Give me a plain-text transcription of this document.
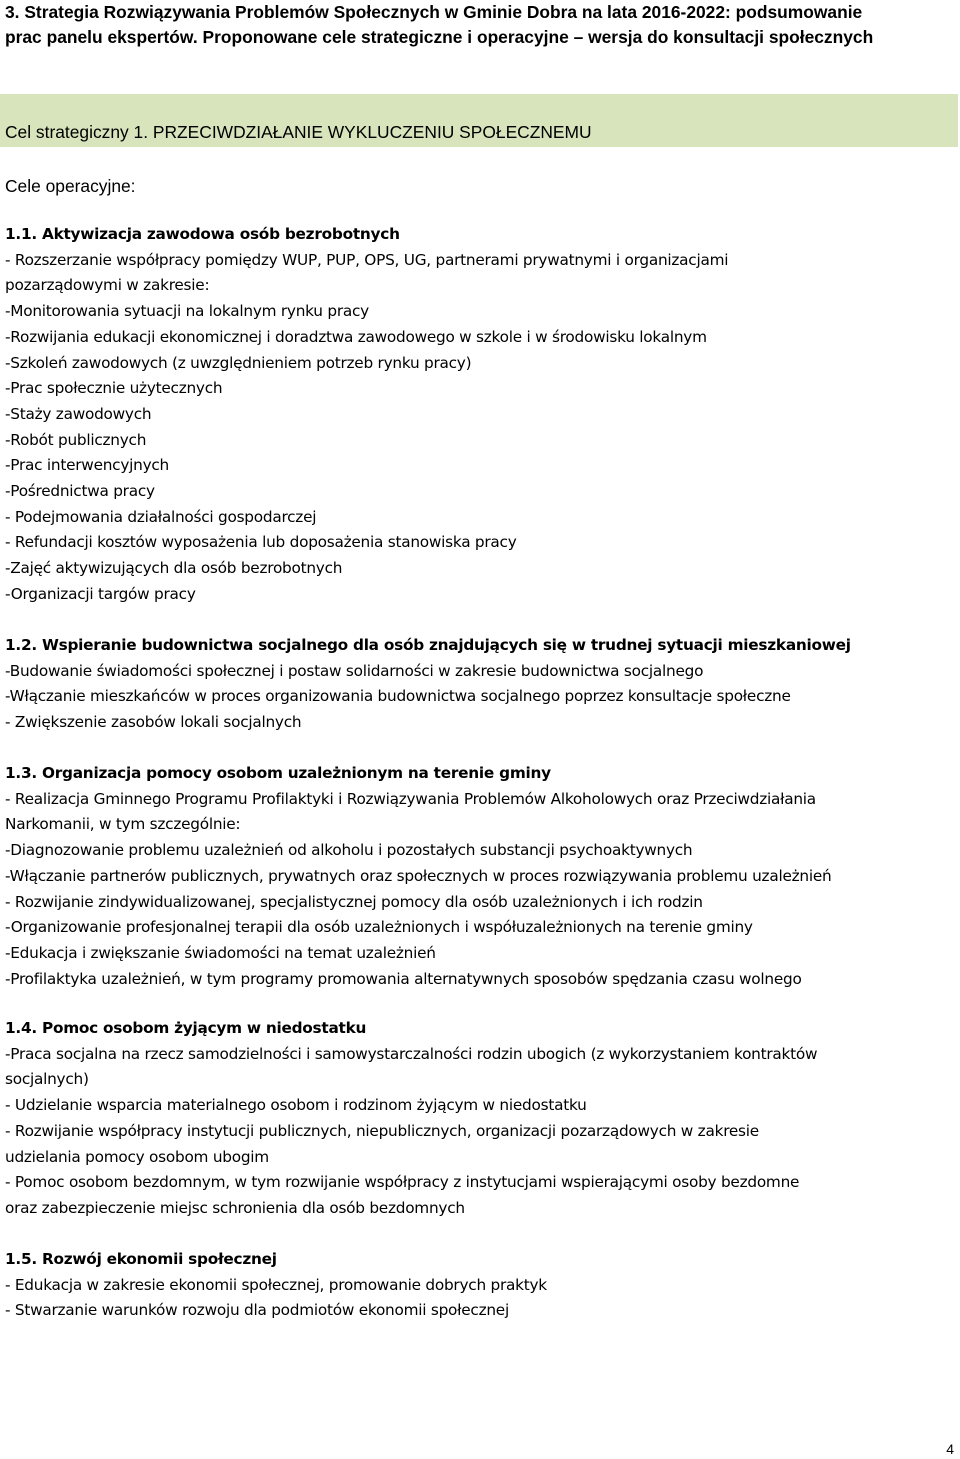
3. Strategia Rozwiązywania Problemów Społecznych w Gminie Dobra na lata 2016-2022: podsumowanie
prac panelu ekspertów. Proponowane cele strategiczne i operacyjne – wersja do konsultacji społecznych
Cel strategiczny 1. PRZECIWDZIAŁANIE WYKLUCZENIU SPOŁECZNEMU
Cele operacyjne:
1.1. Aktywizacja zawodowa osób bezrobotnych
- Rozszerzanie współpracy pomiędzy WUP, PUP, OPS, UG, partnerami prywatnymi i organizacjami
pozarządowymi w zakresie:
-Monitorowania sytuacji na lokalnym rynku pracy
-Rozwijania edukacji ekonomicznej i doradztwa zawodowego w szkole i w środowisku lokalnym
-Szkoleń zawodowych (z uwzględnieniem potrzeb rynku pracy)
-Prac społecznie użytecznych
-Staży zawodowych
-Robót publicznych
-Prac interwencyjnych
-Pośrednictwa pracy
- Podejmowania działalności gospodarczej
- Refundacji kosztów wyposażenia lub doposażenia stanowiska pracy
-Zajęć aktywizujących dla osób bezrobotnych
-Organizacji targów pracy
1.2. Wspieranie budownictwa socjalnego dla osób znajdujących się w trudnej sytuacji mieszkaniowej
-Budowanie świadomości społecznej i postaw solidarności w zakresie budownictwa socjalnego
-Włączanie mieszkańców w proces organizowania budownictwa socjalnego poprzez konsultacje społeczne
- Zwiększenie zasobów lokali socjalnych
1.3. Organizacja pomocy osobom uzależnionym na terenie gminy
- Realizacja Gminnego Programu Profilaktyki i Rozwiązywania Problemów Alkoholowych oraz Przeciwdziałania
Narkomanii, w tym szczególnie:
-Diagnozowanie problemu uzależnień od alkoholu i pozostałych substancji psychoaktywnych
-Włączanie partnerów publicznych, prywatnych oraz społecznych w proces rozwiązywania problemu uzależnień
- Rozwijanie zindywidualizowanej, specjalistycznej pomocy dla osób uzależnionych i ich rodzin
-Organizowanie profesjonalnej terapii dla osób uzależnionych i współuzależnionych na terenie gminy
-Edukacja i zwiększanie świadomości na temat uzależnień
-Profilaktyka uzależnień, w tym programy promowania alternatywnych sposobów spędzania czasu wolnego
1.4. Pomoc osobom żyjącym w niedostatku
-Praca socjalna na rzecz samodzielności i samowystarczalności rodzin ubogich (z wykorzystaniem kontraktów
socjalnych)
- Udzielanie wsparcia materialnego osobom i rodzinom żyjącym w niedostatku
- Rozwijanie współpracy instytucji publicznych, niepublicznych, organizacji pozarządowych w zakresie
udzielania pomocy osobom ubogim
- Pomoc osobom bezdomnym, w tym rozwijanie współpracy z instytucjami wspierającymi osoby bezdomne
oraz zabezpieczenie miejsc schronienia dla osób bezdomnych
1.5. Rozwój ekonomii społecznej
- Edukacja w zakresie ekonomii społecznej, promowanie dobrych praktyk
- Stwarzanie warunków rozwoju dla podmiotów ekonomii społecznej
4
